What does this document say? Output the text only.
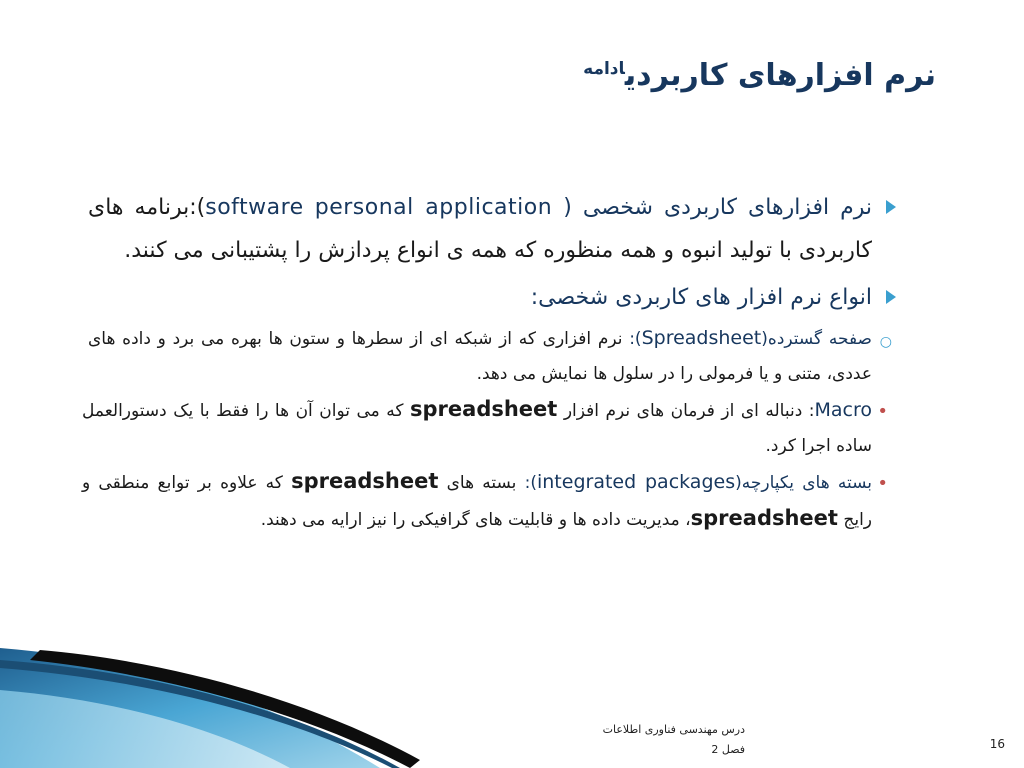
نرم افزارهای کاربردی$^{ادامه}$
نرم افزارهای کاربردی شخصی ( personal application software):برنامه های کاربردی با تولید انبوه و همه منظوره که همه ی انواع پردازش را پشتیبانی می کنند.
انواع نرم افزار های کاربردی شخصی:
○
صفحه گسترده(Spreadsheet): نرم افزاری که از شبکه ای از سطرها و ستون ها بهره می برد و داده های عددی، متنی و یا فرمولی را در سلول ها نمایش می دهد.
•
Macro: دنباله ای از فرمان های نرم افزار spreadsheet که می توان آن ها را فقط با یک دستورالعمل ساده اجرا کرد.
•
بسته های یکپارچه(integrated packages): بسته های spreadsheet که علاوه بر توابع منطقی و رایج spreadsheet، مدیریت داده ها و قابلیت های گرافیکی را نیز ارایه می دهند.
درس مهندسی فناوری اطلاعات
فصل 2	16
